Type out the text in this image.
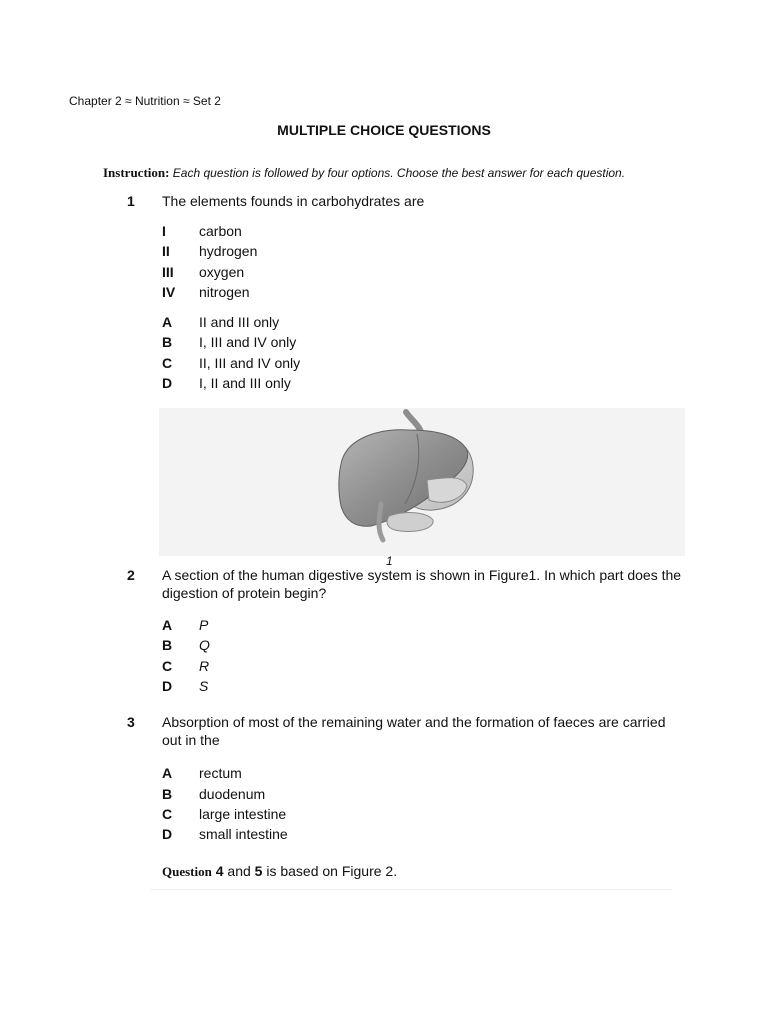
Chapter 2 ≈ Nutrition ≈ Set 2
MULTIPLE CHOICE QUESTIONS
Instruction: Each question is followed by four options. Choose the best answer for each question.
1 The elements founds in carbohydrates are
I carbon
II hydrogen
III oxygen
IV nitrogen
A II and III only
B I, III and IV only
C II, III and IV only
D I, II and III only
1
2 A section of the human digestive system is shown in Figure1. In which part does the digestion of protein begin?
A P
B Q
C R
D S
3 Absorption of most of the remaining water and the formation of faeces are carried out in the
A rectum
B duodenum
C large intestine
D small intestine
Question 4 and 5 is based on Figure 2.
